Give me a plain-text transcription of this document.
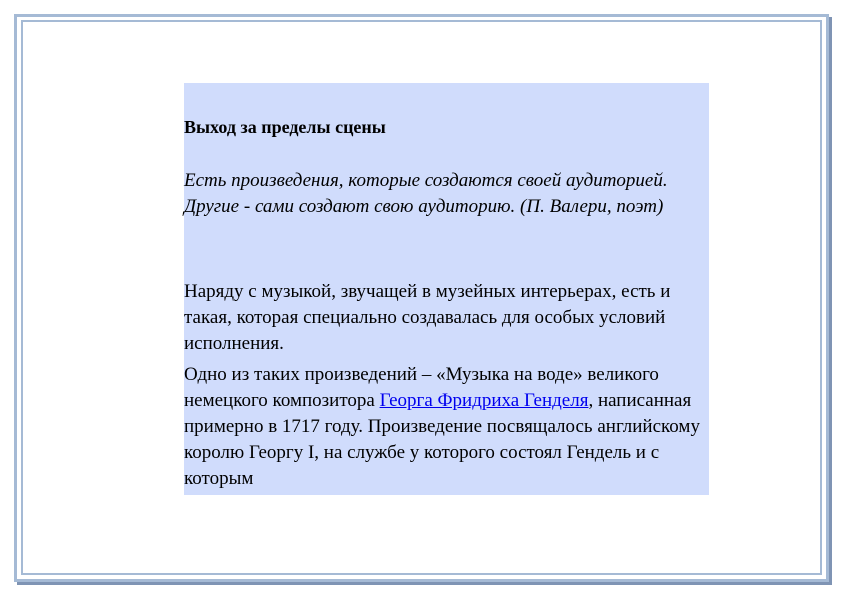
Выход за пределы сцены

Есть произведения, которые создаются своей аудиторией. Другие - сами создают свою аудиторию. (П. Валери, поэт)

Наряду с музыкой, звучащей в музейных интерьерах, есть и такая, которая специально создавалась для особых условий исполнения.

Одно из таких произведений – «Музыка на воде» великого немецкого композитора Георга Фридриха Генделя, написанная примерно в 1717 году. Произведение посвящалось английскому королю Георгу I, на службе у которого состоял Гендель и с которым
